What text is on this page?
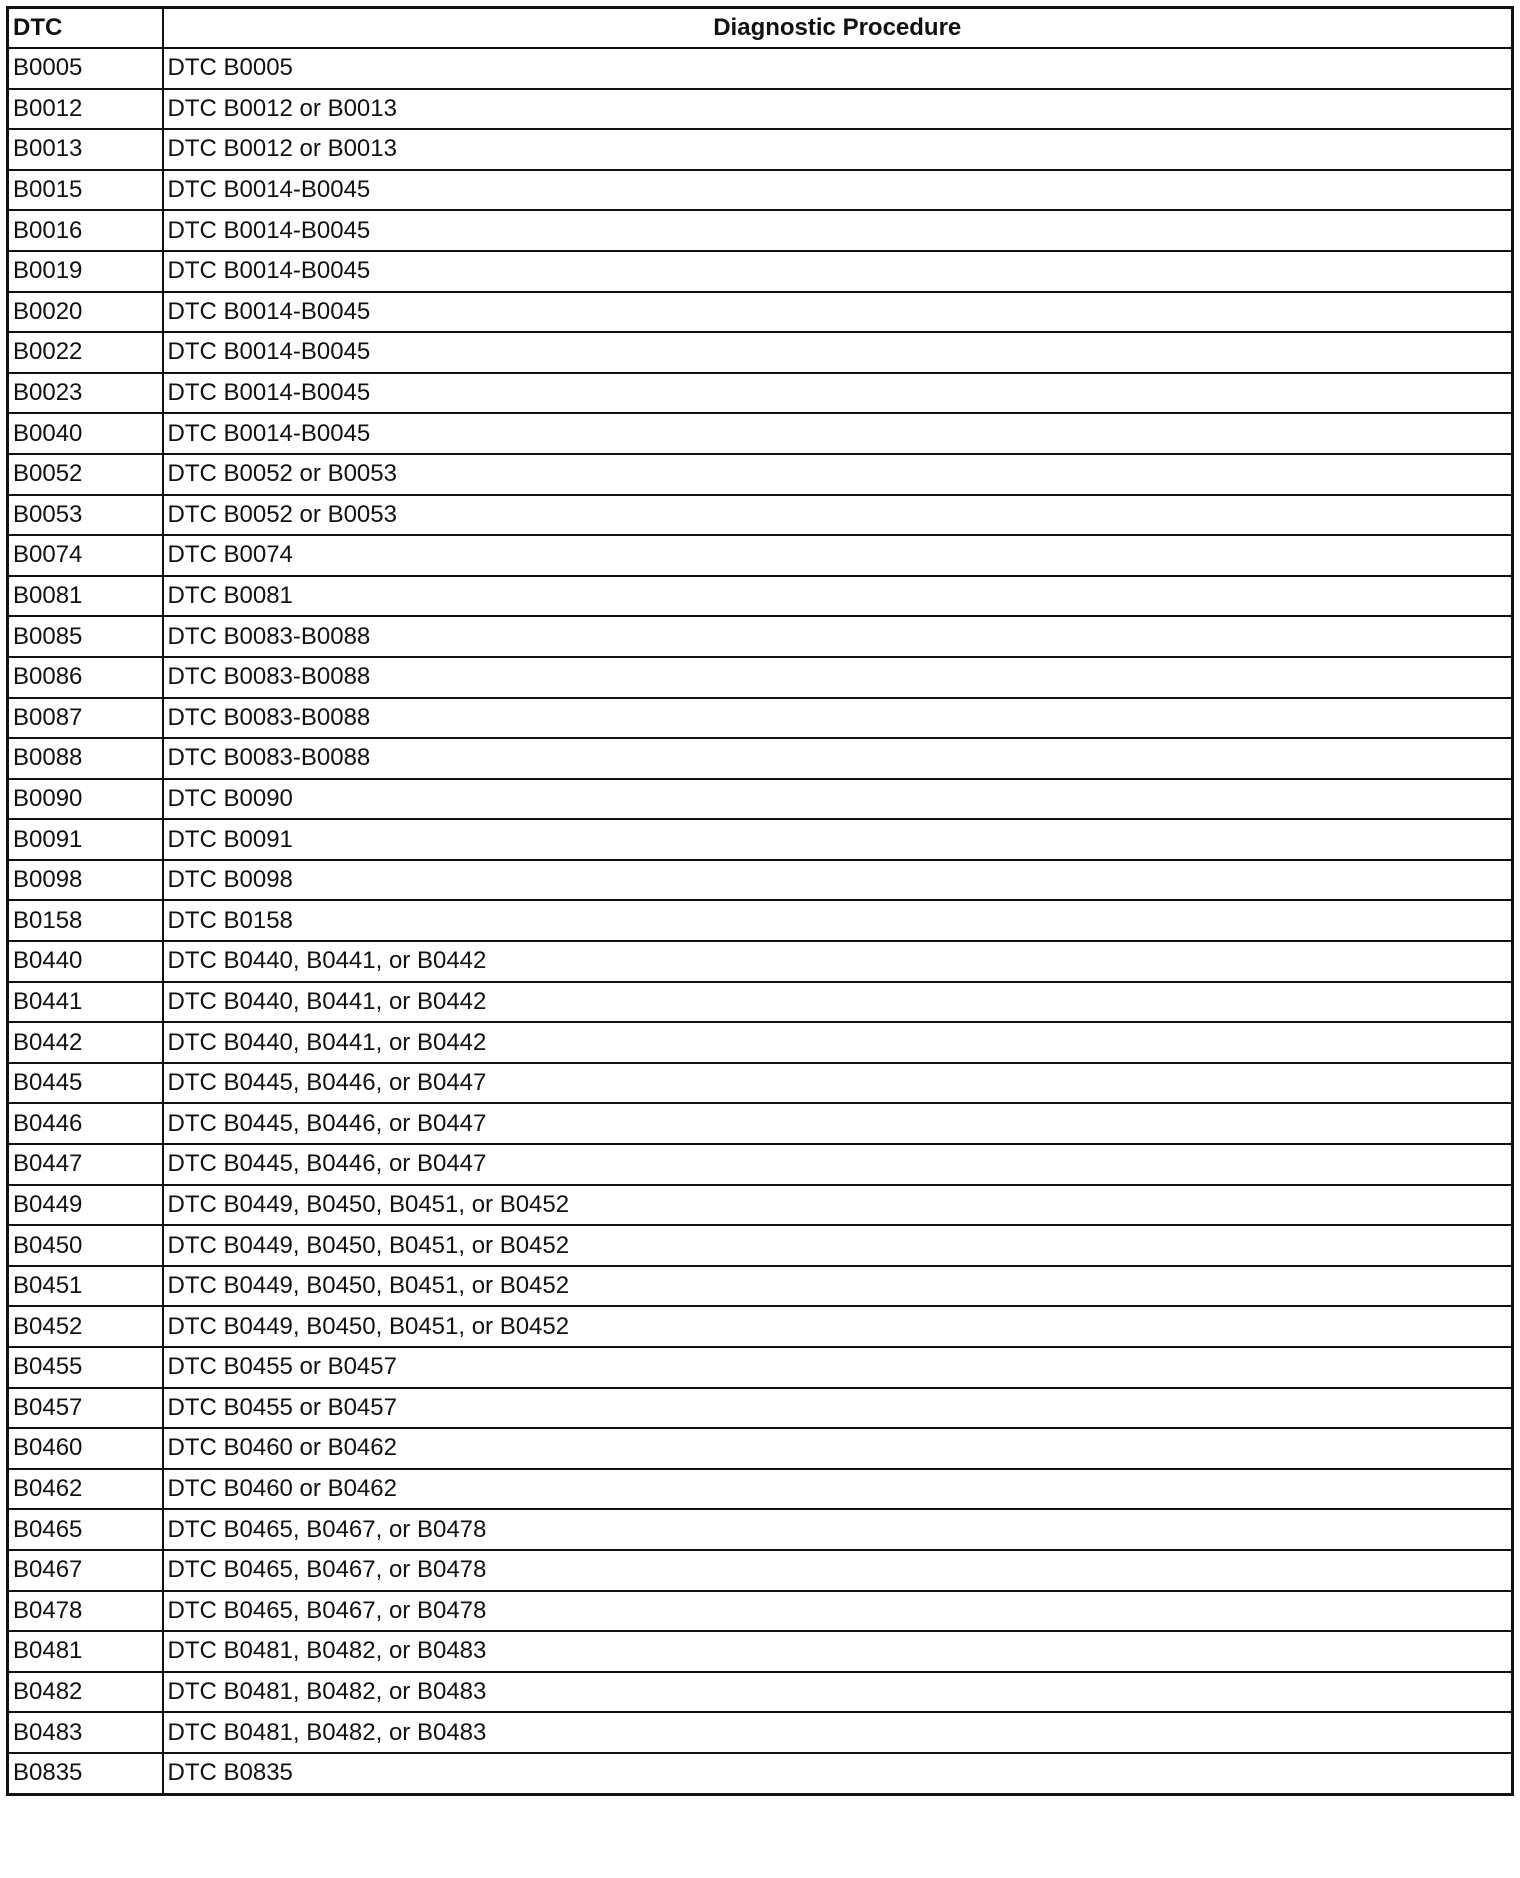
DTC	Diagnostic Procedure
B0005	DTC B0005
B0012	DTC B0012 or B0013
B0013	DTC B0012 or B0013
B0015	DTC B0014-B0045
B0016	DTC B0014-B0045
B0019	DTC B0014-B0045
B0020	DTC B0014-B0045
B0022	DTC B0014-B0045
B0023	DTC B0014-B0045
B0040	DTC B0014-B0045
B0052	DTC B0052 or B0053
B0053	DTC B0052 or B0053
B0074	DTC B0074
B0081	DTC B0081
B0085	DTC B0083-B0088
B0086	DTC B0083-B0088
B0087	DTC B0083-B0088
B0088	DTC B0083-B0088
B0090	DTC B0090
B0091	DTC B0091
B0098	DTC B0098
B0158	DTC B0158
B0440	DTC B0440, B0441, or B0442
B0441	DTC B0440, B0441, or B0442
B0442	DTC B0440, B0441, or B0442
B0445	DTC B0445, B0446, or B0447
B0446	DTC B0445, B0446, or B0447
B0447	DTC B0445, B0446, or B0447
B0449	DTC B0449, B0450, B0451, or B0452
B0450	DTC B0449, B0450, B0451, or B0452
B0451	DTC B0449, B0450, B0451, or B0452
B0452	DTC B0449, B0450, B0451, or B0452
B0455	DTC B0455 or B0457
B0457	DTC B0455 or B0457
B0460	DTC B0460 or B0462
B0462	DTC B0460 or B0462
B0465	DTC B0465, B0467, or B0478
B0467	DTC B0465, B0467, or B0478
B0478	DTC B0465, B0467, or B0478
B0481	DTC B0481, B0482, or B0483
B0482	DTC B0481, B0482, or B0483
B0483	DTC B0481, B0482, or B0483
B0835	DTC B0835
